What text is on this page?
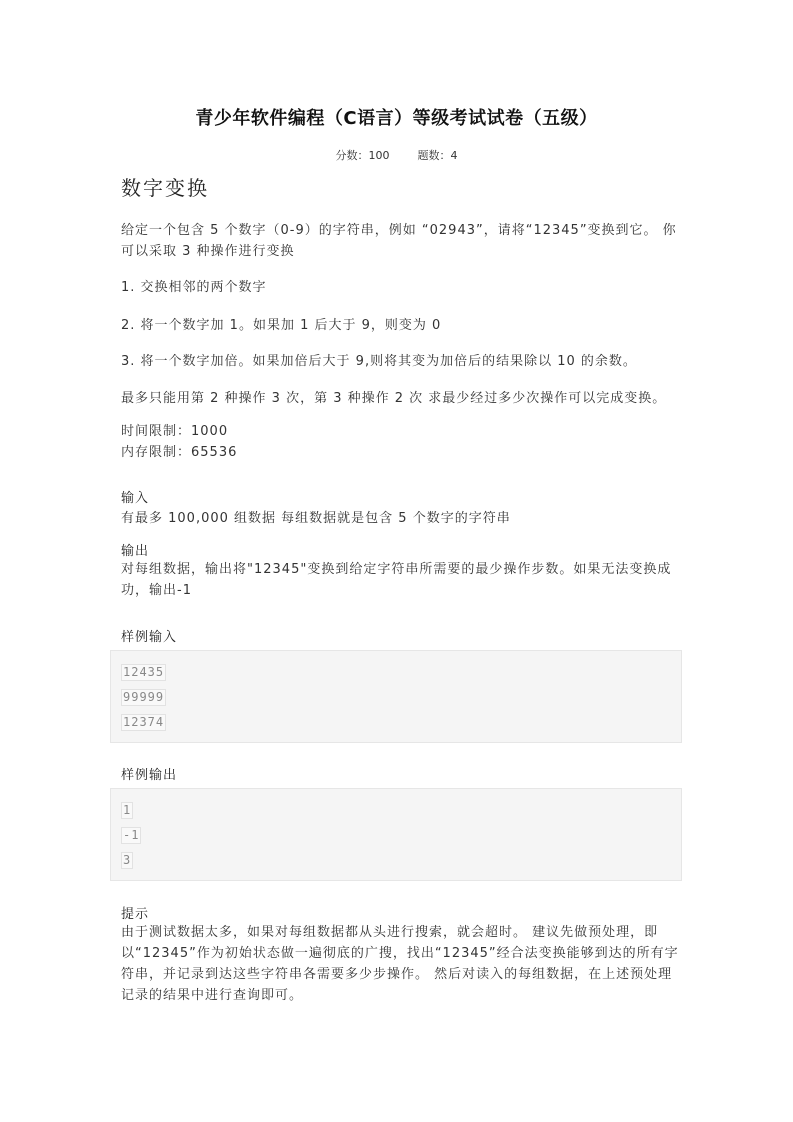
青少年软件编程（C语言）等级考试试卷（五级）
分数：100	题数：4
数字变换
给定一个包含 5 个数字（0-9）的字符串，例如 “02943”，请将“12345”变换到它。 你可以采取 3 种操作进行变换
1. 交换相邻的两个数字
2. 将一个数字加 1。如果加 1 后大于 9，则变为 0
3. 将一个数字加倍。如果加倍后大于 9,则将其变为加倍后的结果除以 10 的余数。
最多只能用第 2 种操作 3 次，第 3 种操作 2 次 求最少经过多少次操作可以完成变换。
时间限制：1000
内存限制：65536
输入
有最多 100,000 组数据 每组数据就是包含 5 个数字的字符串
输出
对每组数据，输出将"12345"变换到给定字符串所需要的最少操作步数。如果无法变换成功，输出-1
样例输入
12435
99999
12374
样例输出
1
-1
3
提示
由于测试数据太多，如果对每组数据都从头进行搜索，就会超时。 建议先做预处理，即以“12345”作为初始状态做一遍彻底的广搜，找出“12345”经合法变换能够到达的所有字符串，并记录到达这些字符串各需要多少步操作。 然后对读入的每组数据，在上述预处理记录的结果中进行查询即可。
